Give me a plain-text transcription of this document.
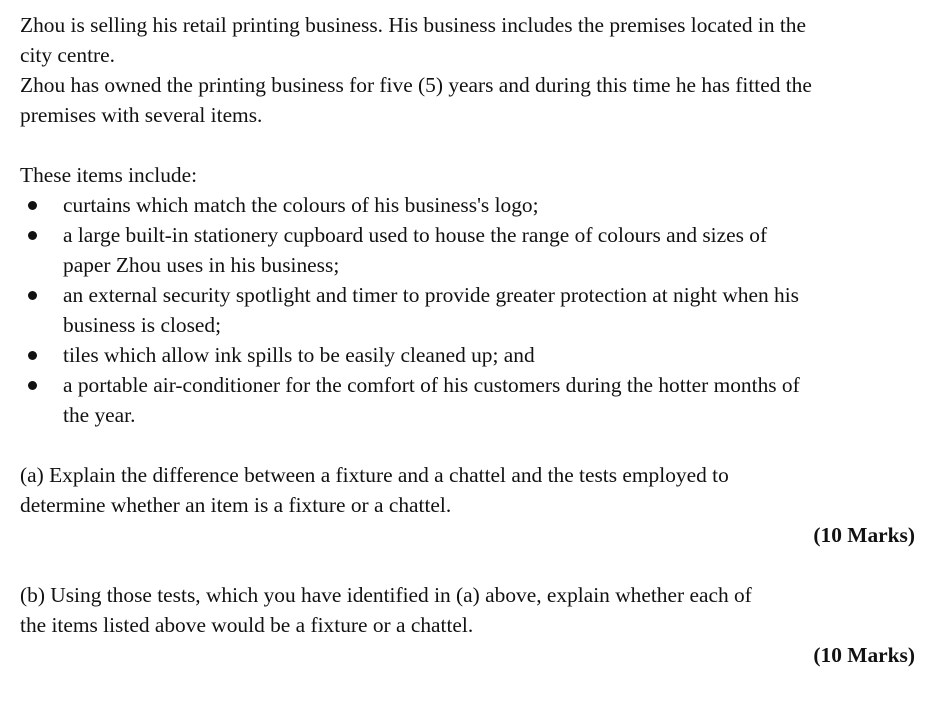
Zhou is selling his retail printing business. His business includes the premises located in the
city centre.
Zhou has owned the printing business for five (5) years and during this time he has fitted the
premises with several items.
These items include:
curtains which match the colours of his business's logo;
a large built-in stationery cupboard used to house the range of colours and sizes of
paper Zhou uses in his business;
an external security spotlight and timer to provide greater protection at night when his
business is closed;
tiles which allow ink spills to be easily cleaned up; and
a portable air-conditioner for the comfort of his customers during the hotter months of
the year.
(a) Explain the difference between a fixture and a chattel and the tests employed to
determine whether an item is a fixture or a chattel.
(10 Marks)
(b) Using those tests, which you have identified in (a) above, explain whether each of
the items listed above would be a fixture or a chattel.
(10 Marks)
